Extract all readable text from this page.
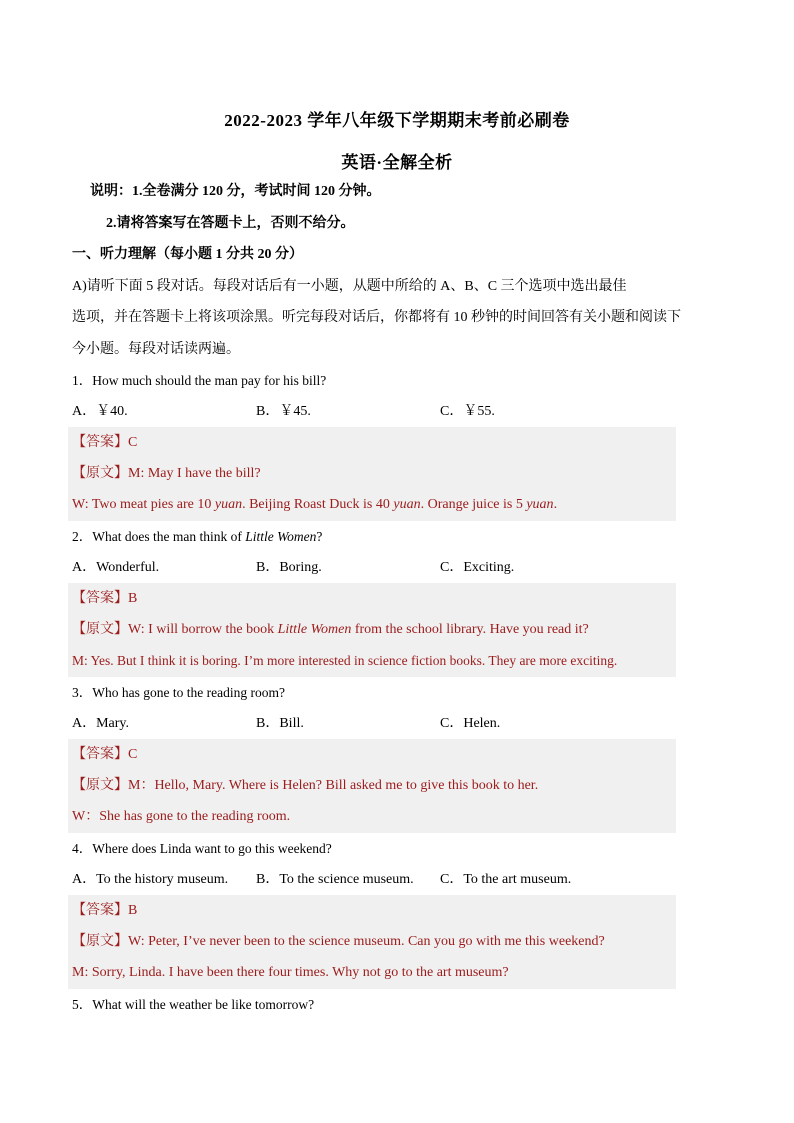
2022-2023 学年八年级下学期期末考前必刷卷
英语·全解全析
说明：1.全卷满分 120 分，考试时间 120 分钟。
2.请将答案写在答题卡上，否则不给分。
一、听力理解（每小题 1 分共 20 分）
A)请听下面 5 段对话。每段对话后有一小题，从题中所给的 A、B、C 三个选项中选出最佳
选项，并在答题卡上将该项涂黑。听完每段对话后，你都将有 10 秒钟的时间回答有关小题和阅读下
今小题。每段对话读两遍。
1．How much should the man pay for his bill?
A．￥40.	B．￥45.	C．￥55.
【答案】C
【原文】M: May I have the bill?
W: Two meat pies are 10 yuan. Beijing Roast Duck is 40 yuan. Orange juice is 5 yuan.
2．What does the man think of Little Women?
A．Wonderful.	B．Boring.	C．Exciting.
【答案】B
【原文】W: I will borrow the book Little Women from the school library. Have you read it?
M: Yes. But I think it is boring. I’m more interested in science fiction books. They are more exciting.
3．Who has gone to the reading room?
A．Mary.	B．Bill.	C．Helen.
【答案】C
【原文】M：Hello, Mary. Where is Helen? Bill asked me to give this book to her.
W：She has gone to the reading room.
4．Where does Linda want to go this weekend?
A．To the history museum. B．To the science museum. C．To the art museum.
【答案】B
【原文】W: Peter, I’ve never been to the science museum. Can you go with me this weekend?
M: Sorry, Linda. I have been there four times. Why not go to the art museum?
5．What will the weather be like tomorrow?
